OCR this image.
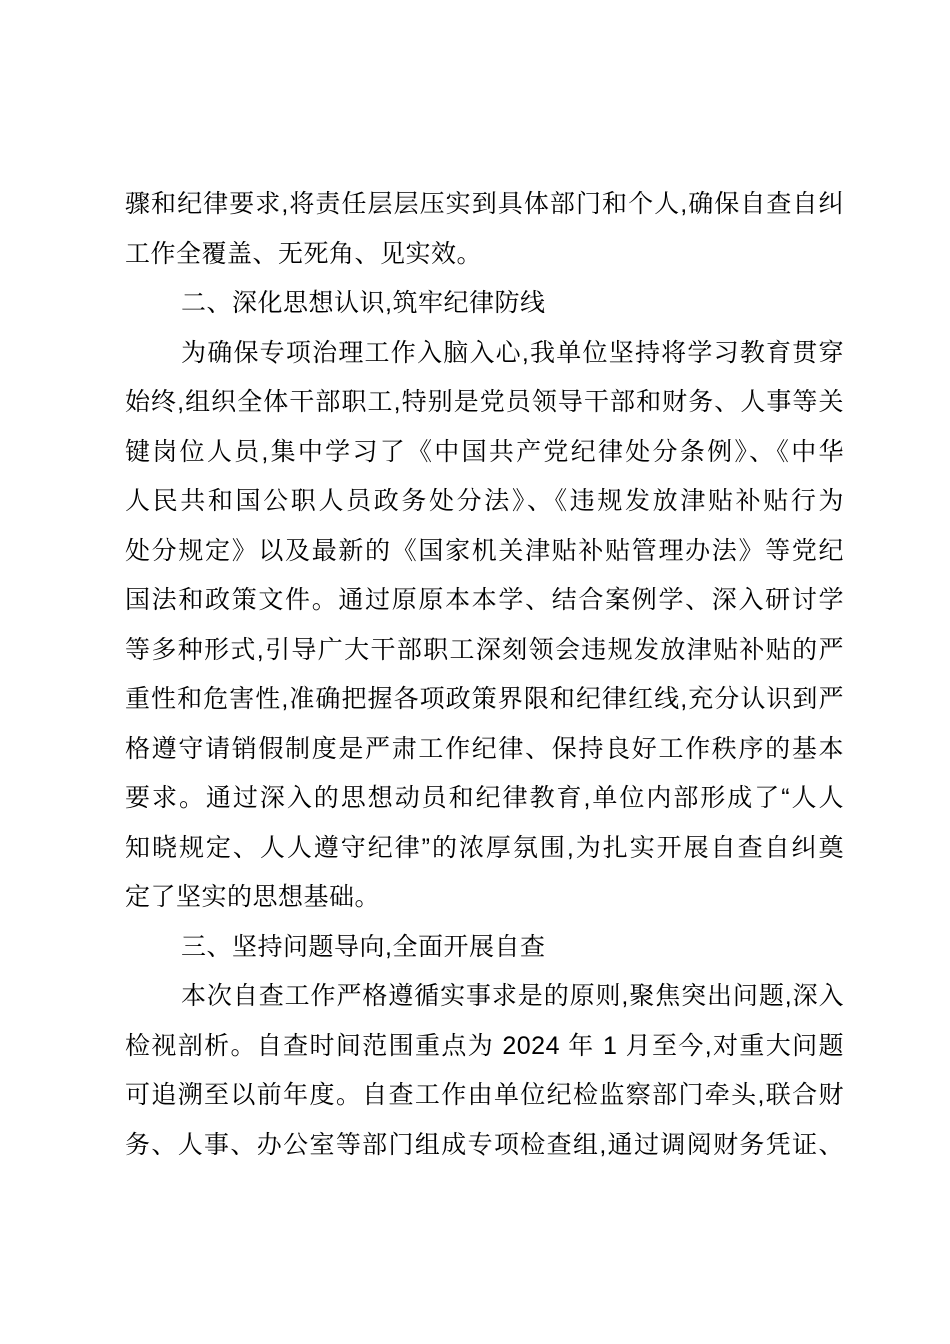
骤和纪律要求,将责任层层压实到具体部门和个人,确保自查自纠
工作全覆盖、无死角、见实效。
二、深化思想认识,筑牢纪律防线
为确保专项治理工作入脑入心,我单位坚持将学习教育贯穿
始终,组织全体干部职工,特别是党员领导干部和财务、人事等关
键岗位人员,集中学习了《中国共产党纪律处分条例》、《中华
人民共和国公职人员政务处分法》、《违规发放津贴补贴行为
处分规定》以及最新的《国家机关津贴补贴管理办法》等党纪
国法和政策文件。通过原原本本学、结合案例学、深入研讨学
等多种形式,引导广大干部职工深刻领会违规发放津贴补贴的严
重性和危害性,准确把握各项政策界限和纪律红线,充分认识到严
格遵守请销假制度是严肃工作纪律、保持良好工作秩序的基本
要求。通过深入的思想动员和纪律教育,单位内部形成了“人人
知晓规定、人人遵守纪律”的浓厚氛围,为扎实开展自查自纠奠
定了坚实的思想基础。
三、坚持问题导向,全面开展自查
本次自查工作严格遵循实事求是的原则,聚焦突出问题,深入
检视剖析。自查时间范围重点为 2024 年 1 月至今,对重大问题
可追溯至以前年度。自查工作由单位纪检监察部门牵头,联合财
务、人事、办公室等部门组成专项检查组,通过调阅财务凭证、
